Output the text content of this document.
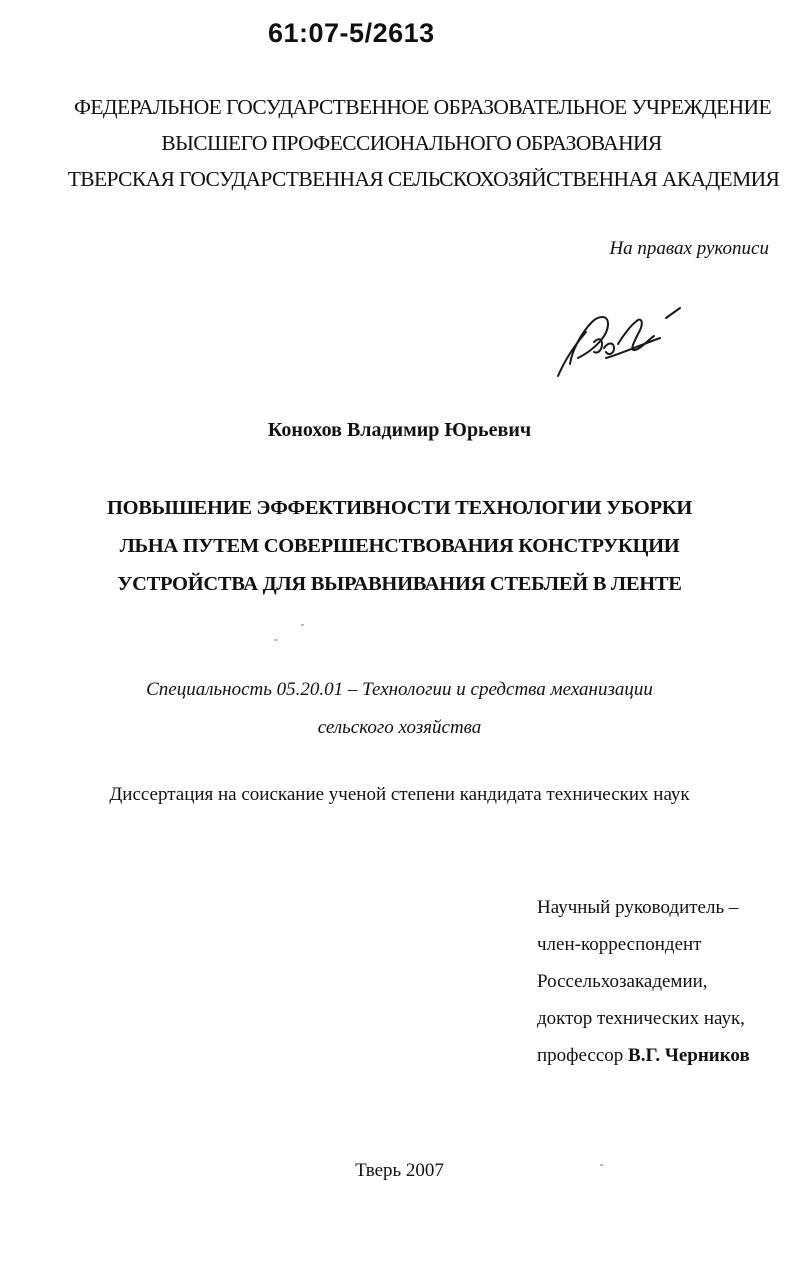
61:07-5/2613
ФЕДЕРАЛЬНОЕ ГОСУДАРСТВЕННОЕ ОБРАЗОВАТЕЛЬНОЕ УЧРЕЖДЕНИЕ
ВЫСШЕГО ПРОФЕССИОНАЛЬНОГО ОБРАЗОВАНИЯ
ТВЕРСКАЯ ГОСУДАРСТВЕННАЯ СЕЛЬСКОХОЗЯЙСТВЕННАЯ АКАДЕМИЯ
На правах рукописи
Конохов Владимир Юрьевич
ПОВЫШЕНИЕ ЭФФЕКТИВНОСТИ ТЕХНОЛОГИИ УБОРКИ
ЛЬНА ПУТЕМ СОВЕРШЕНСТВОВАНИЯ КОНСТРУКЦИИ
УСТРОЙСТВА ДЛЯ ВЫРАВНИВАНИЯ СТЕБЛЕЙ В ЛЕНТЕ
Специальность 05.20.01 – Технологии и средства механизации
сельского хозяйства
Диссертация на соискание ученой степени кандидата технических наук
Научный руководитель –
член-корреспондент
Россельхозакадемии,
доктор технических наук,
профессор В.Г. Черников
Тверь 2007
